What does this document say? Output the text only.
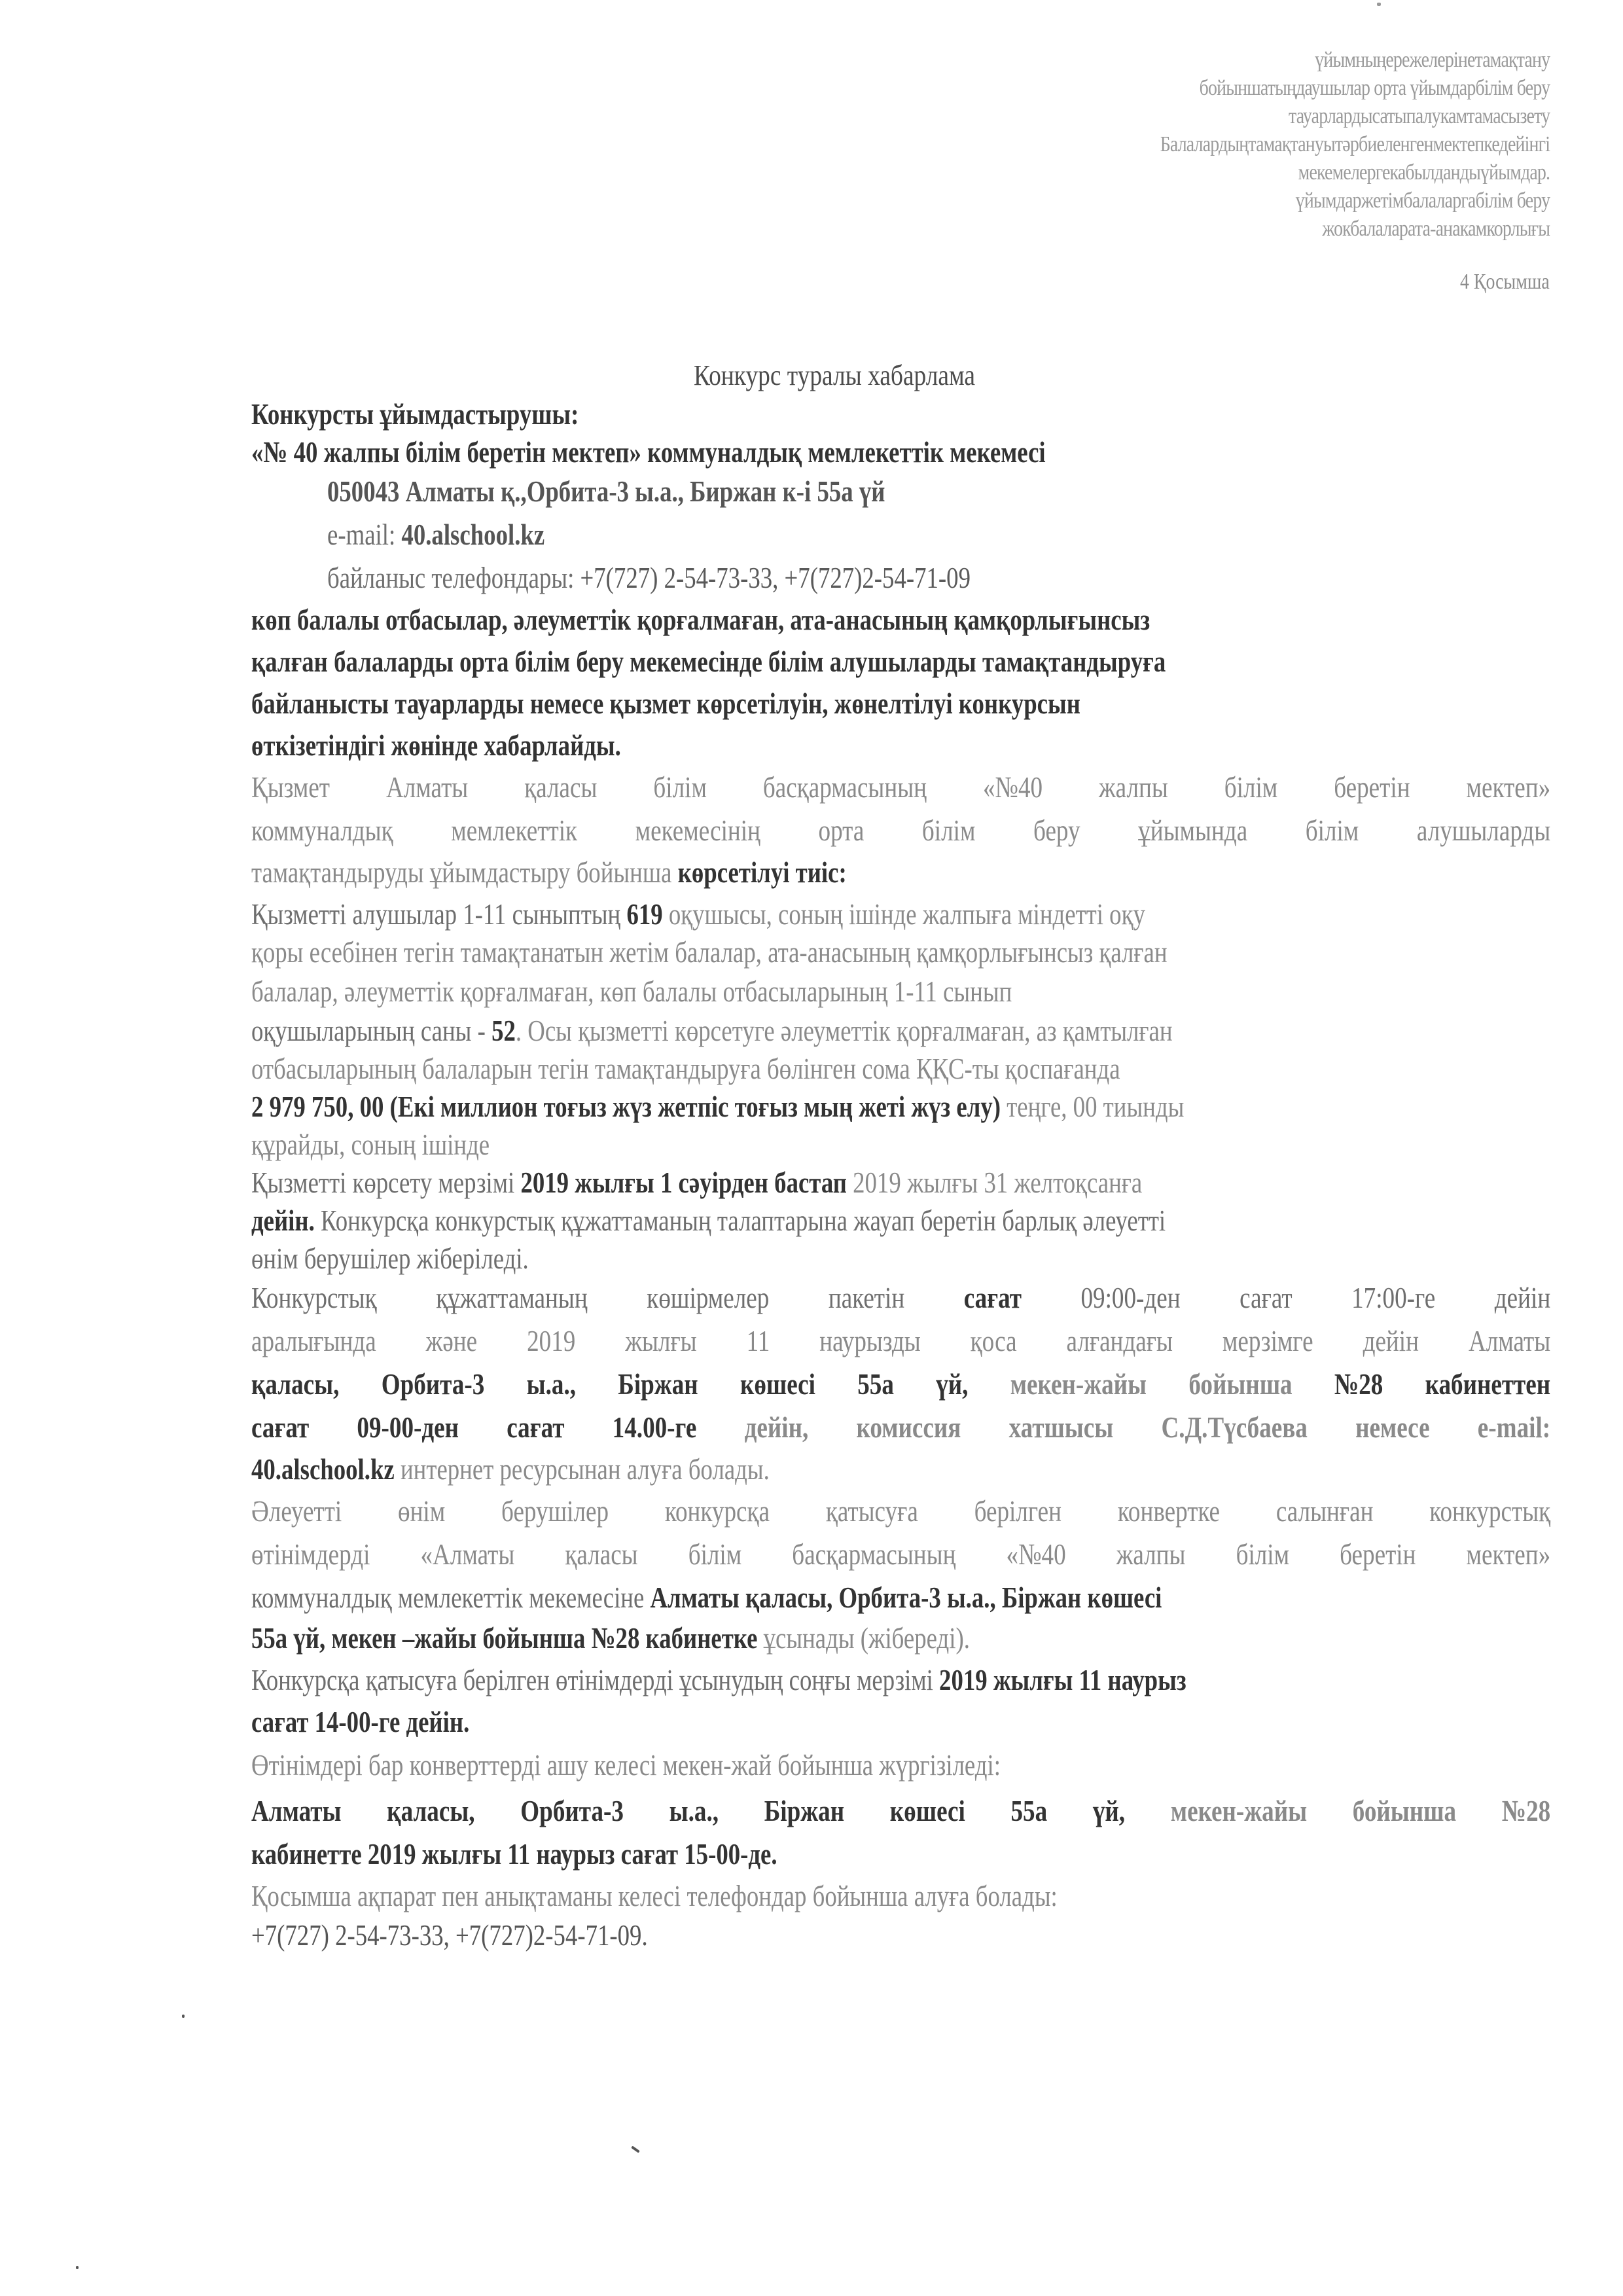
үйымныңережелерінетамақтану
бойыншатыңдаушылар орта үйымдарбілім беру
тауарлардысатыпалукамтамасызету
Балалардыңтамақтануытәрбиеленгенмектепкедейінгі
мекемелергекабылдандыүйымдар.
үйымдаржетімбалаларгабілім беру
жокбалаларата-анакамкорлығы
4 Қосымша
Конкурс туралы хабарлама
Конкурсты ұйымдастырушы:
«№ 40 жалпы білім беретін мектеп» коммуналдық мемлекеттік мекемесі
050043 Алматы қ.,Орбита-3 ы.а., Биржан к-і 55а үй
e-mail: 40.alschool.kz
байланыс телефондары: +7(727) 2-54-73-33, +7(727)2-54-71-09
көп балалы отбасылар, әлеуметтік қорғалмаған, ата-анасының қамқорлығынсыз
қалған балаларды орта білім беру мекемесінде білім алушыларды тамақтандыруға
байланысты тауарларды немесе қызмет көрсетілуін, жөнелтілуі конкурсын
өткізетіндігі жөнінде хабарлайды.
Қызмет Алматы қаласы білім басқармасының «№40 жалпы білім беретін мектеп»
коммуналдық мемлекеттік мекемесінің орта білім беру ұйымында білім алушыларды
тамақтандыруды ұйымдастыру бойынша көрсетілуі тиіс:
Қызметті алушылар 1-11 сыныптың 619 оқушысы, соның ішінде жалпыға міндетті оқу
қоры есебінен тегін тамақтанатын жетім балалар, ата-анасының қамқорлығынсыз қалған
балалар, әлеуметтік қорғалмаған, көп балалы отбасыларының 1-11 сынып
оқушыларының саны - 52. Осы қызметті көрсетуге әлеуметтік қорғалмаған, аз қамтылған
отбасыларының балаларын тегін тамақтандыруға бөлінген сома ҚҚС-ты қоспағанда
2 979 750, 00 (Екі миллион тоғыз жүз жетпіс тоғыз мың жеті жүз елу) теңге, 00 тиынды
құрайды, соның ішінде
Қызметті көрсету мерзімі 2019 жылғы 1 сәуірден бастап 2019 жылғы 31 желтоқсанға
дейін. Конкурсқа конкурстық құжаттаманың талаптарына жауап беретін барлық әлеуетті
өнім берушілер жіберіледі.
Конкурстық құжаттаманың көшірмелер пакетін сағат 09:00-ден сағат 17:00-ге дейін
аралығында және 2019 жылғы 11 наурызды қоса алғандағы мерзімге дейін Алматы
қаласы, Орбита-3 ы.а., Біржан көшесі 55а үй, мекен-жайы бойынша №28 кабинеттен
сағат 09-00-ден сағат 14.00-ге дейін, комиссия хатшысы С.Д.Түсбаева немесе e-mail:
40.alschool.kz интернет ресурсынан алуға болады.
Әлеуетті өнім берушілер конкурсқа қатысуға берілген конвертке салынған конкурстық
өтінімдерді «Алматы қаласы білім басқармасының «№40 жалпы білім беретін мектеп»
коммуналдық мемлекеттік мекемесіне Алматы қаласы, Орбита-3 ы.а., Біржан көшесі
55а үй, мекен –жайы бойынша №28 кабинетке ұсынады (жібереді).
Конкурсқа қатысуға берілген өтінімдерді ұсынудың соңғы мерзімі 2019 жылғы 11 наурыз
сағат 14-00-ге дейін.
Өтінімдері бар конверттерді ашу келесі мекен-жай бойынша жүргізіледі:
Алматы қаласы, Орбита-3 ы.а., Біржан көшесі 55а үй, мекен-жайы бойынша №28
кабинетте 2019 жылғы 11 наурыз сағат 15-00-де.
Қосымша ақпарат пен анықтаманы келесі телефондар бойынша алуға болады:
+7(727) 2-54-73-33, +7(727)2-54-71-09.
